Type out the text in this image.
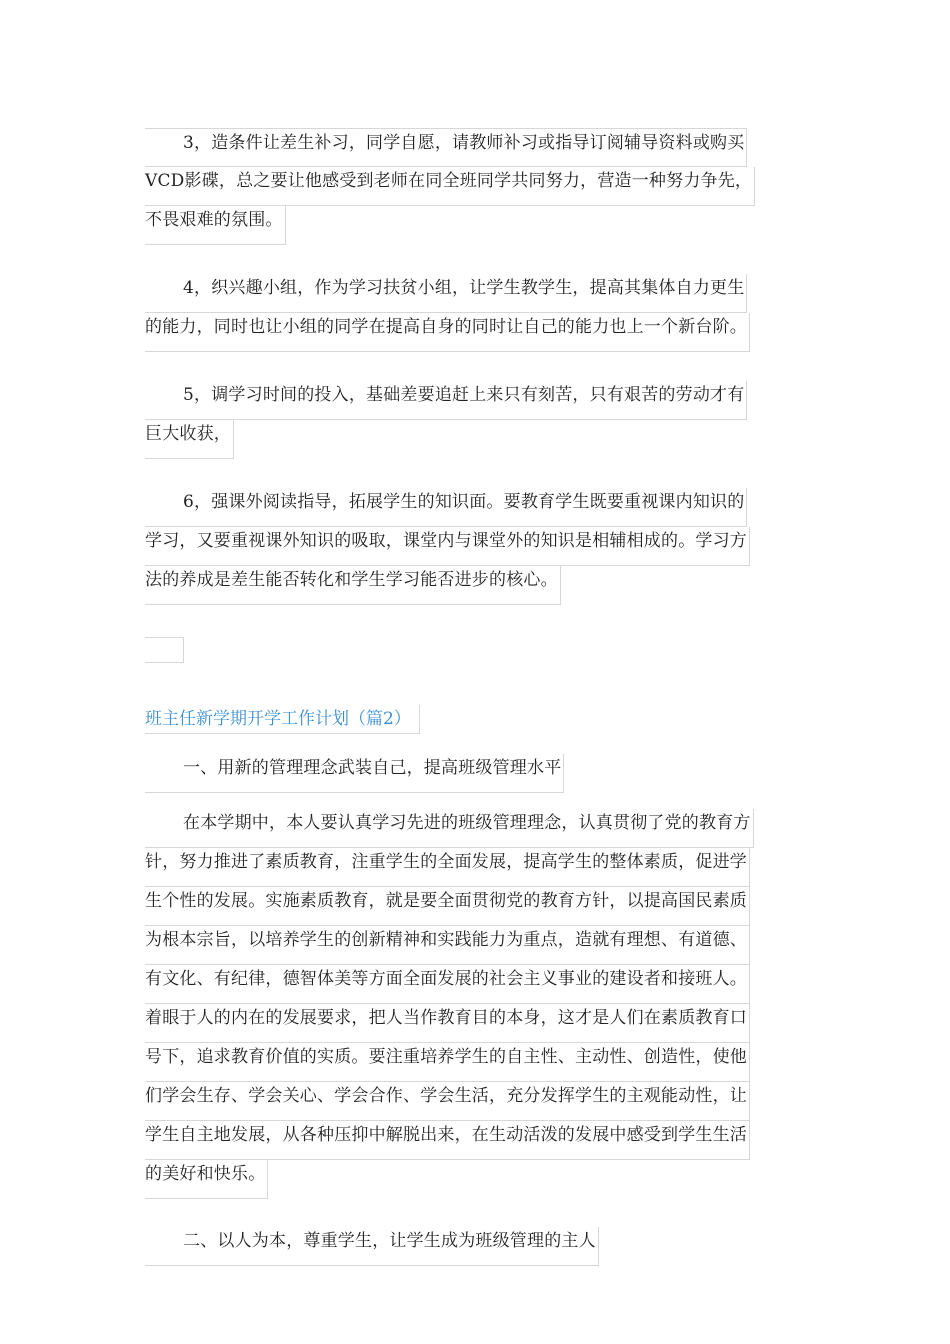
3，造条件让差生补习，同学自愿，请教师补习或指导订阅辅导资料或购买
VCD影碟，总之要让他感受到老师在同全班同学共同努力，营造一种努力争先，
不畏艰难的氛围。
4，织兴趣小组，作为学习扶贫小组，让学生教学生，提高其集体自力更生
的能力，同时也让小组的同学在提高自身的同时让自己的能力也上一个新台阶。
5，调学习时间的投入，基础差要追赶上来只有刻苦，只有艰苦的劳动才有
巨大收获，
6，强课外阅读指导，拓展学生的知识面。要教育学生既要重视课内知识的
学习，又要重视课外知识的吸取，课堂内与课堂外的知识是相辅相成的。学习方
法的养成是差生能否转化和学生学习能否进步的核心。
班主任新学期开学工作计划（篇2）
一、用新的管理理念武装自己，提高班级管理水平
在本学期中，本人要认真学习先进的班级管理理念，认真贯彻了党的教育方
针，努力推进了素质教育，注重学生的全面发展，提高学生的整体素质，促进学
生个性的发展。实施素质教育，就是要全面贯彻党的教育方针，以提高国民素质
为根本宗旨，以培养学生的创新精神和实践能力为重点，造就有理想、有道德、
有文化、有纪律，德智体美等方面全面发展的社会主义事业的建设者和接班人。
着眼于人的内在的发展要求，把人当作教育目的本身，这才是人们在素质教育口
号下，追求教育价值的实质。要注重培养学生的自主性、主动性、创造性，使他
们学会生存、学会关心、学会合作、学会生活，充分发挥学生的主观能动性，让
学生自主地发展，从各种压抑中解脱出来，在生动活泼的发展中感受到学生生活
的美好和快乐。
二、以人为本，尊重学生，让学生成为班级管理的主人
